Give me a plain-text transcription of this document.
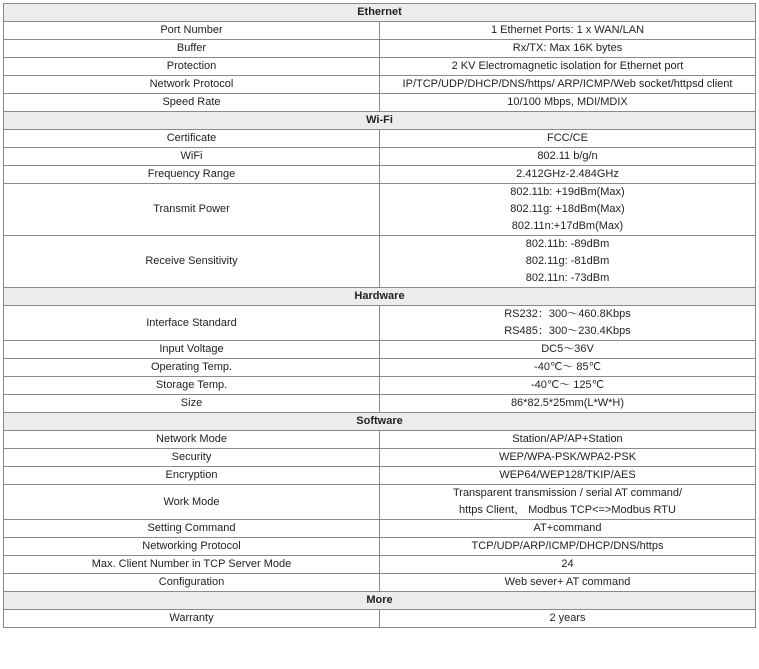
Ethernet	
Port Number	1 Ethernet Ports: 1 x WAN/LAN

Buffer	Rx/TX: Max 16K bytes

Protection	2 KV Electromagnetic isolation for Ethernet port

Network Protocol	IP/TCP/UDP/DHCP/DNS/https/ ARP/ICMP/Web socket/httpsd client

Speed Rate	10/100 Mbps, MDI/MDIX

Wi-Fi	
Certificate	FCC/CE

WiFi	802.11 b/g/n

Frequency Range	2.412GHz-2.484GHz

Transmit Power	802.11b: +19dBm(Max)
802.11g: +18dBm(Max)
802.11n:+17dBm(Max)

Receive Sensitivity	802.11b: -89dBm
802.11g: -81dBm
802.11n: -73dBm

Hardware	
Interface Standard	RS232：300～460.8Kbps
RS485：300～230.4Kbps

Input Voltage	DC5～36V

Operating Temp.	-40℃～ 85℃

Storage Temp.	-40℃～ 125℃

Size	86*82.5*25mm(L*W*H)

Software	
Network Mode	Station/AP/AP+Station

Security	WEP/WPA-PSK/WPA2-PSK

Encryption	WEP64/WEP128/TKIP/AES

Work Mode	Transparent transmission / serial AT command/
https Client、 Modbus TCP<=>Modbus RTU

Setting Command	AT+command

Networking Protocol	TCP/UDP/ARP/ICMP/DHCP/DNS/https

Max. Client Number in TCP Server Mode	24

Configuration	Web sever+ AT command

More	
Warranty	2 years
